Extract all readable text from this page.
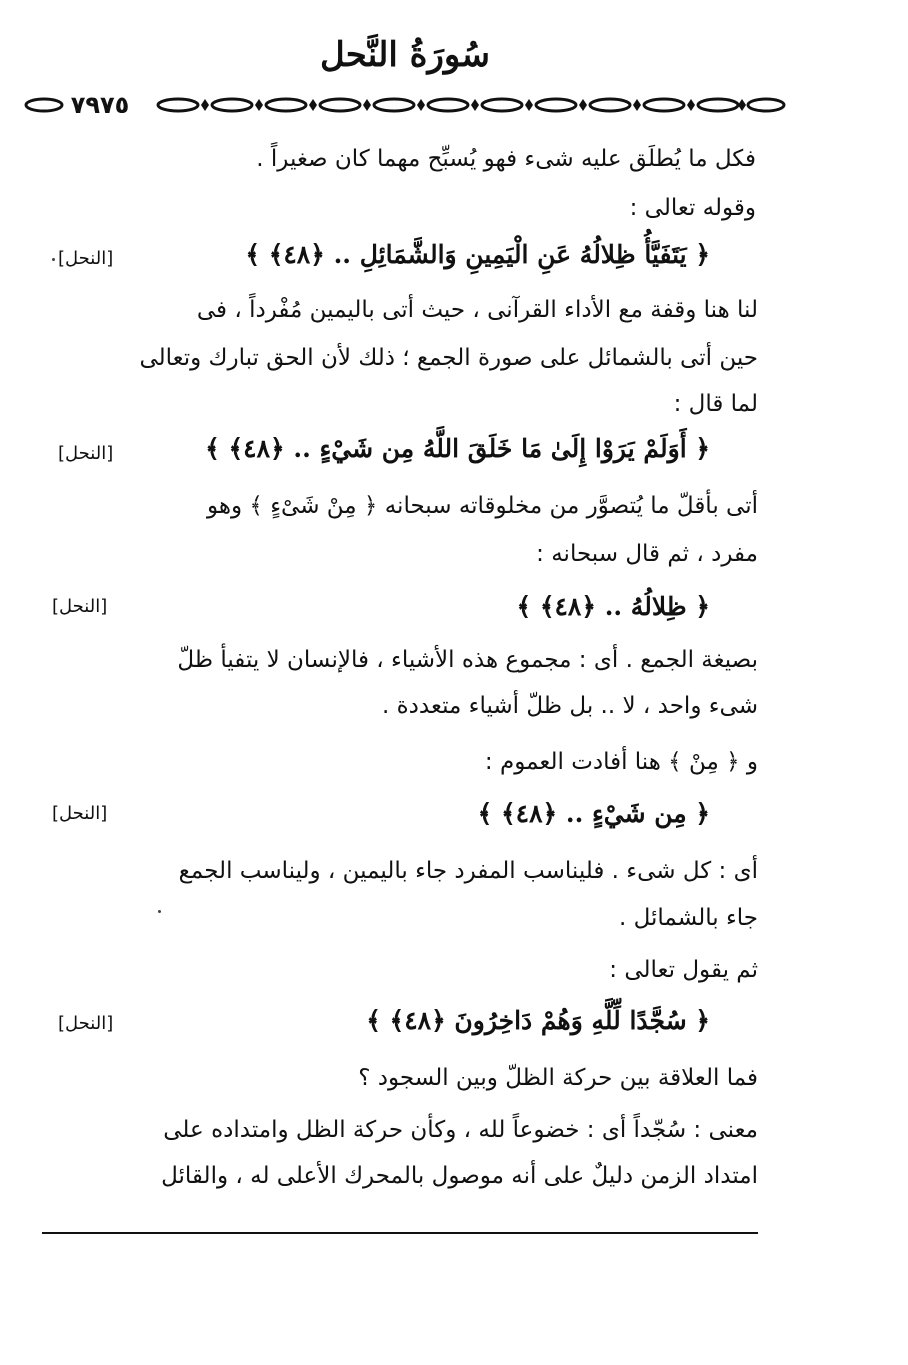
سُورَةُ النَّحل
٧٩٧٥
فكل ما يُطلَق عليه شىء فهو يُسبِّح مهما كان صغيراً .
وقوله تعالى :
﴿ يَتَفَيَّأُ ظِلالُهُ عَنِ الْيَمِينِ وَالشَّمَائِلِ .. ﴿٤٨﴾ ﴾
[النحل]
لنا هنا وقفة مع الأداء القرآنى ، حيث أتى باليمين مُفْرداً ، فى
حين أتى بالشمائل على صورة الجمع ؛ ذلك لأن الحق تبارك وتعالى
لما قال :
﴿ أَوَلَمْ يَرَوْا إِلَىٰ مَا خَلَقَ اللَّهُ مِن شَيْءٍ .. ﴿٤٨﴾ ﴾
[النحل]
أتى بأقلّ ما يُتصوَّر من مخلوقاته سبحانه ﴿ مِنْ شَىْءٍ ﴾ وهو
مفرد ، ثم قال سبحانه :
﴿ ظِلالُهُ .. ﴿٤٨﴾ ﴾
[النحل]
بصيغة الجمع . أى : مجموع هذه الأشياء ، فالإنسان لا يتفيأ ظلّ
شىء واحد ، لا .. بل ظلّ أشياء متعددة .
و ﴿ مِنْ ﴾ هنا أفادت العموم :
﴿ مِن شَيْءٍ .. ﴿٤٨﴾ ﴾
[النحل]
أى : كل شىء . فليناسب المفرد جاء باليمين ، وليناسب الجمع
جاء بالشمائل .
ثم يقول تعالى :
﴿ سُجَّدًا لِّلَّهِ وَهُمْ دَاخِرُونَ ﴿٤٨﴾ ﴾
[النحل]
فما العلاقة بين حركة الظلّ وبين السجود ؟
معنى : سُجّداً أى : خضوعاً لله ، وكأن حركة الظل وامتداده على
امتداد الزمن دليلٌ على أنه موصول بالمحرك الأعلى له ، والقائل
